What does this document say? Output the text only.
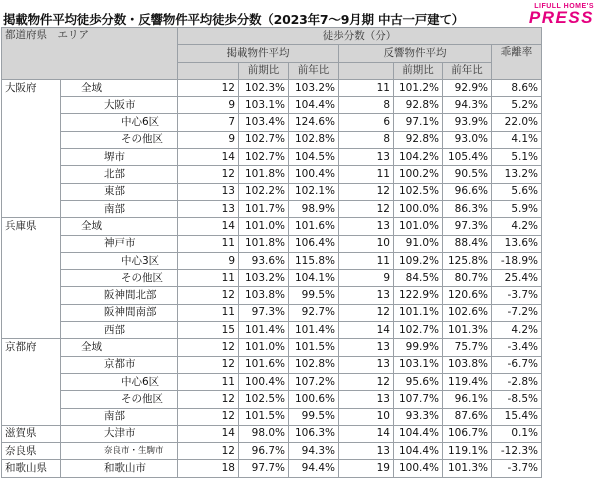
掲載物件平均徒歩分数・反響物件平均徒歩分数（2023年7〜9月期 中古一戸建て）
LIFULL HOME'S
PRESS
都道府県　エリア		徒歩分数（分）						
		掲載物件平均			反響物件平均			乖離率
			前期比	前年比		前期比	前年比	
大阪府	全域	12	102.3%	103.2%	11	101.2%	92.9%	8.6%
	大阪市	9	103.1%	104.4%	8	92.8%	94.3%	5.2%
	中心6区	7	103.4%	124.6%	6	97.1%	93.9%	22.0%
	その他区	9	102.7%	102.8%	8	92.8%	93.0%	4.1%
	堺市	14	102.7%	104.5%	13	104.2%	105.4%	5.1%
	北部	12	101.8%	100.4%	11	100.2%	90.5%	13.2%
	東部	13	102.2%	102.1%	12	102.5%	96.6%	5.6%
	南部	13	101.7%	98.9%	12	100.0%	86.3%	5.9%
兵庫県	全域	14	101.0%	101.6%	13	101.0%	97.3%	4.2%
	神戸市	11	101.8%	106.4%	10	91.0%	88.4%	13.6%
	中心3区	9	93.6%	115.8%	11	109.2%	125.8%	-18.9%
	その他区	11	103.2%	104.1%	9	84.5%	80.7%	25.4%
	阪神間北部	12	103.8%	99.5%	13	122.9%	120.6%	-3.7%
	阪神間南部	11	97.3%	92.7%	12	101.1%	102.6%	-7.2%
	西部	15	101.4%	101.4%	14	102.7%	101.3%	4.2%
京都府	全域	12	101.0%	101.5%	13	99.9%	75.7%	-3.4%
	京都市	12	101.6%	102.8%	13	103.1%	103.8%	-6.7%
	中心6区	11	100.4%	107.2%	12	95.6%	119.4%	-2.8%
	その他区	12	102.5%	100.6%	13	107.7%	96.1%	-8.5%
	南部	12	101.5%	99.5%	10	93.3%	87.6%	15.4%
滋賀県	大津市	14	98.0%	106.3%	14	104.4%	106.7%	0.1%
奈良県	奈良市・生駒市	12	96.7%	94.3%	13	104.4%	119.1%	-12.3%
和歌山県	和歌山市	18	97.7%	94.4%	19	100.4%	101.3%	-3.7%
